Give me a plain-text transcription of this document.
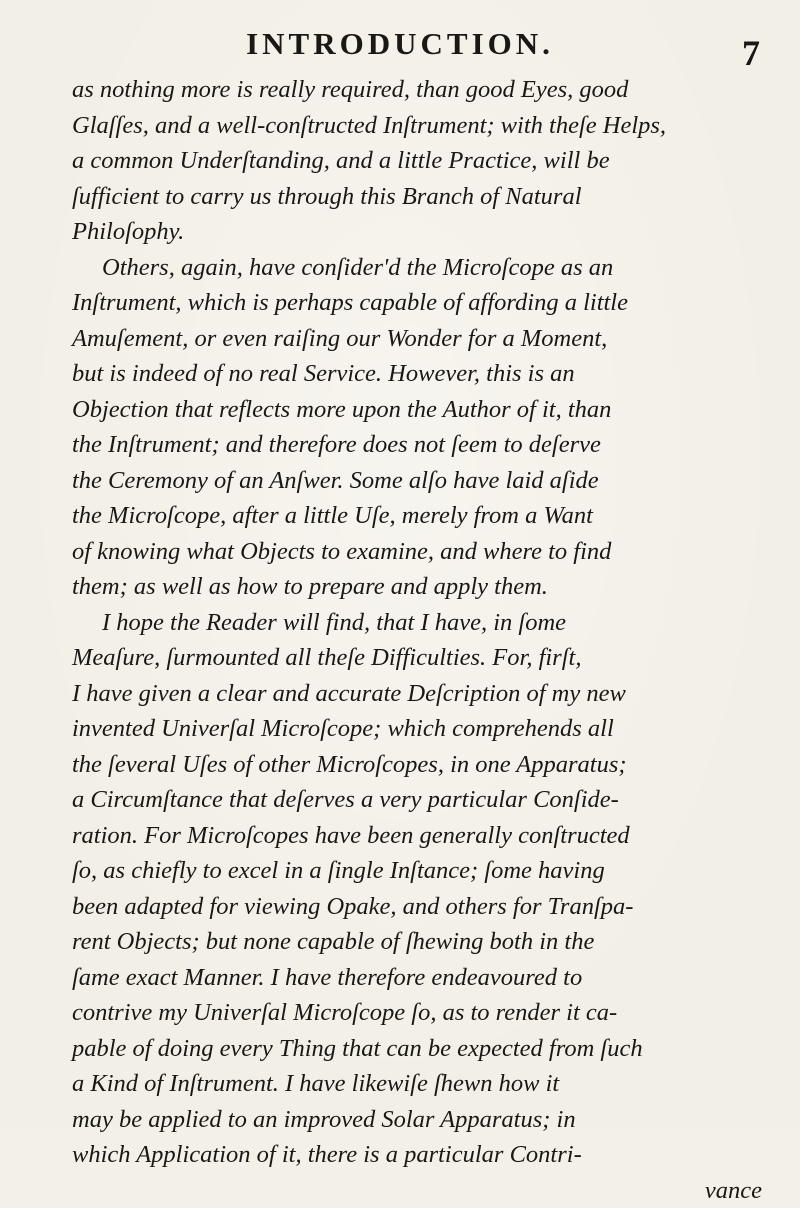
INTRODUCTION.	7
as nothing more is really required, than good Eyes, good
Glaſſes, and a well-conſtructed Inſtrument; with theſe Helps,
a common Underſtanding, and a little Practice, will be
ſufficient to carry us through this Branch of Natural
Philoſophy.
Others, again, have conſider'd the Microſcope as an
Inſtrument, which is perhaps capable of affording a little
Amuſement, or even raiſing our Wonder for a Moment,
but is indeed of no real Service. However, this is an
Objection that reflects more upon the Author of it, than
the Inſtrument; and therefore does not ſeem to deſerve
the Ceremony of an Anſwer. Some alſo have laid aſide
the Microſcope, after a little Uſe, merely from a Want
of knowing what Objects to examine, and where to find
them; as well as how to prepare and apply them.
I hope the Reader will find, that I have, in ſome
Meaſure, ſurmounted all theſe Difficulties. For, firſt,
I have given a clear and accurate Deſcription of my new
invented Univerſal Microſcope; which comprehends all
the ſeveral Uſes of other Microſcopes, in one Apparatus;
a Circumſtance that deſerves a very particular Conſide-
ration. For Microſcopes have been generally conſtructed
ſo, as chiefly to excel in a ſingle Inſtance; ſome having
been adapted for viewing Opake, and others for Tranſpa-
rent Objects; but none capable of ſhewing both in the
ſame exact Manner. I have therefore endeavoured to
contrive my Univerſal Microſcope ſo, as to render it ca-
pable of doing every Thing that can be expected from ſuch
a Kind of Inſtrument. I have likewiſe ſhewn how it
may be applied to an improved Solar Apparatus; in
which Application of it, there is a particular Contri-
vance
